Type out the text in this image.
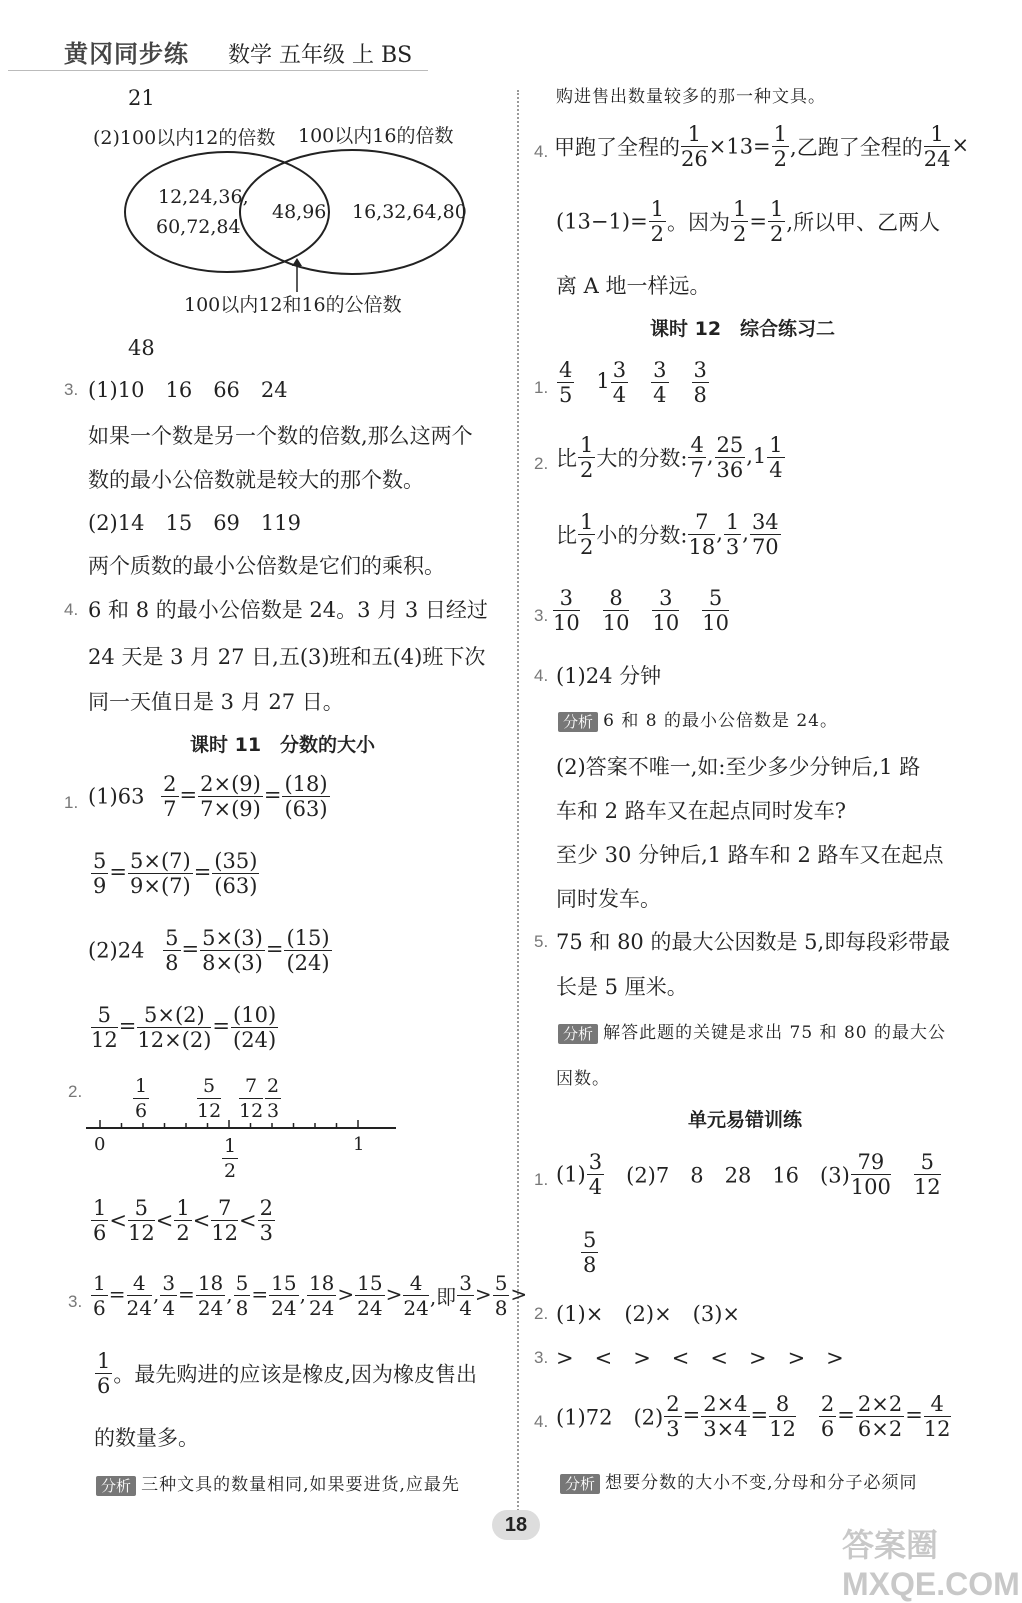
黄冈同步练 数学 五年级 上 BS
21
(2)100以内12的倍数 100以内16的倍数
12,24,36,
60,72,84
48,96 16,32,64,80
100以内12和16的公倍数
48
3. (1)10　16　66　24
如果一个数是另一个数的倍数,那么这两个
数的最小公倍数就是较大的那个数。
(2)14　15　69　119
两个质数的最小公倍数是它们的乘积。
4. 6 和 8 的最小公倍数是 24。3 月 3 日经过
24 天是 3 月 27 日,五(3)班和五(4)班下次
同一天值日是 3 月 27 日。
课时 11　分数的大小
1. $(1)63 \frac{2}{7} = \frac{2\times(9)}{7\times(9)} = \frac{(18)}{(63)}$
$\frac{5}{9} = \frac{5\times(7)}{9\times(7)} = \frac{(35)}{(63)}$
$(2)24 \frac{5}{8} = \frac{5\times(3)}{8\times(3)} = \frac{(15)}{(24)}$
$\frac{5}{12} = \frac{5\times(2)}{12\times(2)} = \frac{(10)}{(24)}$
2.	$\frac{1}{6}$	$\frac{5}{12} \frac{7}{12} \frac{2}{3}$
0	1
$\frac{1}{2}$
$\frac{1}{6} < \frac{5}{12} < \frac{1}{2} < \frac{7}{12} < \frac{2}{3}$
3. $\frac{1}{6} = \frac{4}{24}$ , $\frac{3}{4} = \frac{18}{24}$ , $\frac{5}{8} = \frac{15}{24}$ , $\frac{18}{24} > \frac{15}{24} > \frac{4}{24}$ ,即 $\frac{3}{4} > \frac{5}{8}$ >
$\frac{1}{6}$ 。最先购进的应该是橡皮,因为橡皮售出
的数量多。
分析 三种文具的数量相同,如果要进货,应最先
购进售出数量较多的那一种文具。
4. 甲跑了全程的 $\frac{1}{26} \times 13= \frac{1}{2}$ ,乙跑了全程的 $\frac{1}{24}$ ×
$(13-1)= \frac{1}{2}$ 。因为 $\frac{1}{2} = \frac{1}{2}$ ,所以甲、乙两人
离 A 地一样远。
课时 12　综合练习二
1. $\frac{4}{5}$  $1 \frac{3}{4}$
  $\frac{3}{4}$
  $\frac{3}{8}$
2. 比 $\frac{1}{2}$ 大的分数: $\frac{4}{7}$ , $\frac{25}{36} ,1 \frac{1}{4}$
比 $\frac{1}{2}$ 小的分数: $\frac{7}{18}$ , $\frac{1}{3}$ , $\frac{34}{70}$
3. $\frac{3}{10}$
  $\frac{8}{10}$
  $\frac{3}{10}$
  $\frac{5}{10}$
4. (1)24 分钟
分析 6 和 8 的最小公倍数是 24。
(2)答案不唯一,如:至少多少分钟后,1 路
车和 2 路车又在起点同时发车?
至少 30 分钟后,1 路车和 2 路车又在起点
同时发车。
5. 75 和 80 的最大公因数是 5,即每段彩带最
长是 5 厘米。
分析 解答此题的关键是求出 75 和 80 的最大公
因数。
单元易错训练
1. $(1) \frac{3}{4}$
  (2)7　8　28　16　$(3) \frac{79}{100}$
  $\frac{5}{12}$
$\frac{5}{8}$
2. (1)×　(2)×　(3)×
3. >　<　>　<　<　>　>　>
4. (1)72　$(2) \frac{2}{3} = \frac{2\times 4}{3\times 4} = \frac{8}{12}$
  $\frac{2}{6} = \frac{2\times 2}{6\times 2} = \frac{4}{12}$
分析 想要分数的大小不变,分母和分子必须同
18
答案圈 MXQE.COM
